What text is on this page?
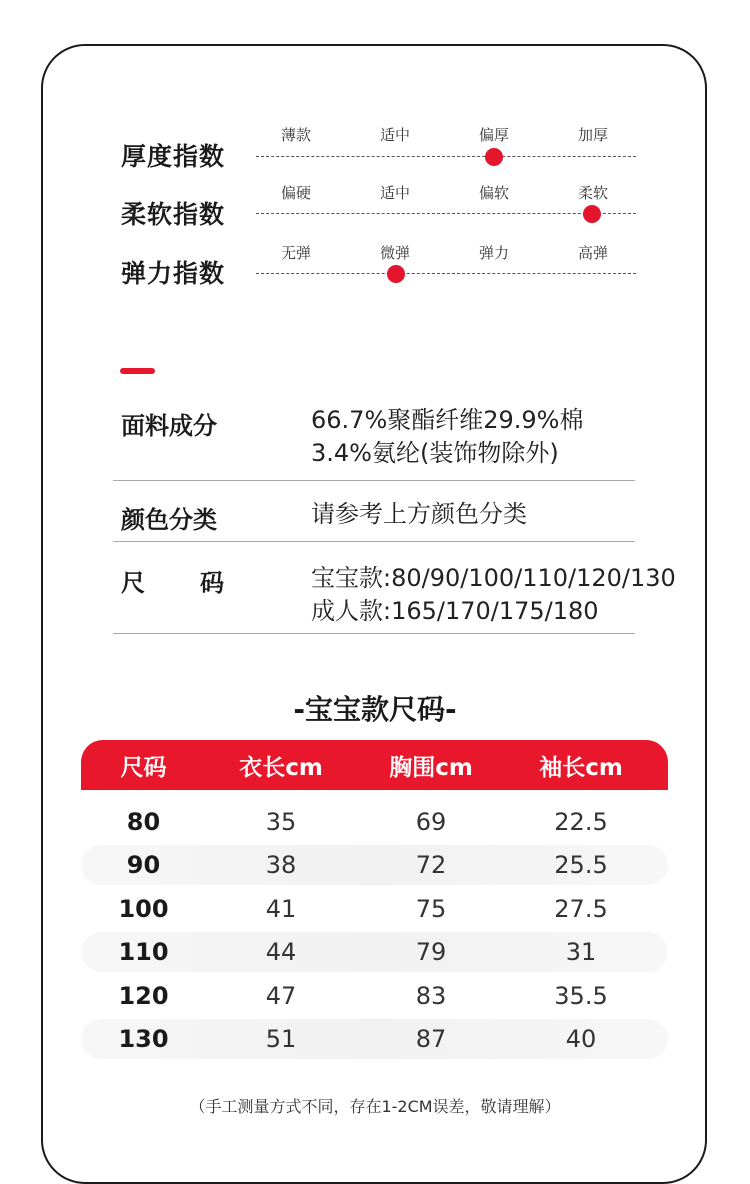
厚度指数
薄款	适中	偏厚	加厚
柔软指数
偏硬	适中	偏软	柔软
弹力指数
无弹	微弹	弹力	高弹
面料成分	66.7%聚酯纤维29.9%棉
3.4%氨纶(装饰物除外)
颜色分类	请参考上方颜色分类
尺码 宝宝款:80/90/100/110/120/130
成人款:165/170/175/180
-宝宝款尺码-
尺码	衣长cm	胸围cm	袖长cm
80	35	69	22.5
90	38	72	25.5
100	41	75	27.5
110	44	79	31
120	47	83	35.5
130	51	87	40
（手工测量方式不同，存在1-2CM误差，敬请理解）
